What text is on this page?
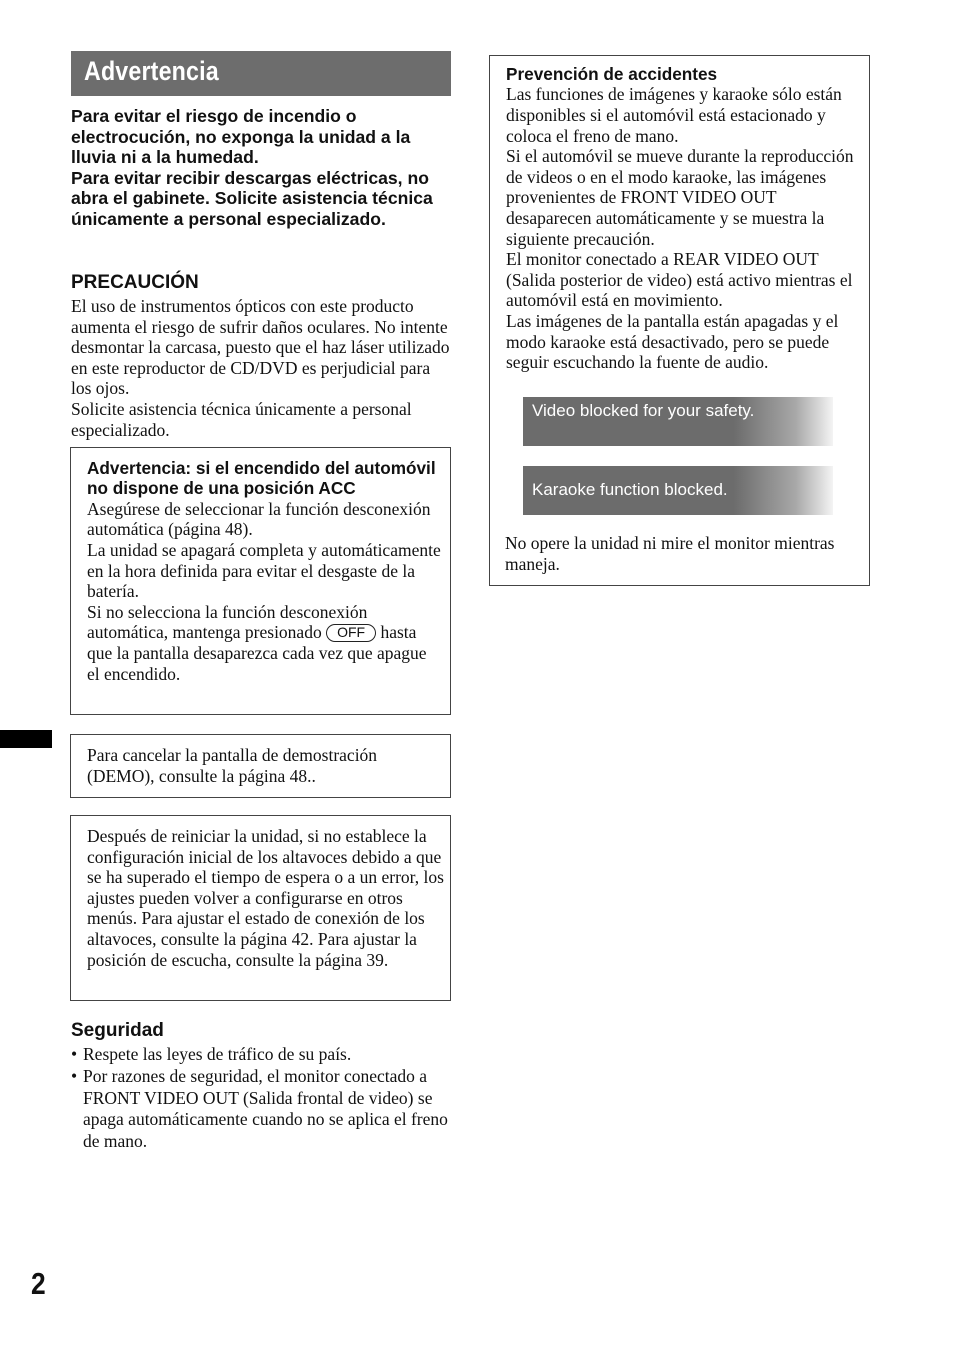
Advertencia

Para evitar el riesgo de incendio o electrocución, no exponga la unidad a la lluvia ni a la humedad.

Para evitar recibir descargas eléctricas, no abra el gabinete. Solicite asistencia técnica únicamente a personal especializado.

PRECAUCIÓN

El uso de instrumentos ópticos con este producto aumenta el riesgo de sufrir daños oculares. No intente desmontar la carcasa, puesto que el haz láser utilizado en este reproductor de CD/DVD es perjudicial para los ojos.

Solicite asistencia técnica únicamente a personal especializado.

Advertencia: si el encendido del automóvil no dispone de una posición ACC

Asegúrese de seleccionar la función desconexión automática (página 48).

La unidad se apagará completa y automáticamente en la hora definida para evitar el desgaste de la batería.

Si no selecciona la función desconexión automática, mantenga presionado OFF hasta que la pantalla desaparezca cada vez que apague el encendido.

Para cancelar la pantalla de demostración (DEMO), consulte la página 48..
Después de reiniciar la unidad, si no establece la configuración inicial de los altavoces debido a que se ha superado el tiempo de espera o a un error, los ajustes pueden volver a configurarse en otros menús. Para ajustar el estado de conexión de los altavoces, consulte la página 42. Para ajustar la posición de escucha, consulte la página 39.
Seguridad
• Respete las leyes de tráfico de su país.
• Por razones de seguridad, el monitor conectado a FRONT VIDEO OUT (Salida frontal de video) se apaga automáticamente cuando no se aplica el freno de mano.

Prevención de accidentes

Las funciones de imágenes y karaoke sólo están disponibles si el automóvil está estacionado y coloca el freno de mano.

Si el automóvil se mueve durante la reproducción de videos o en el modo karaoke, las imágenes provenientes de FRONT VIDEO OUT desaparecen automáticamente y se muestra la siguiente precaución.

El monitor conectado a REAR VIDEO OUT (Salida posterior de video) está activo mientras el automóvil está en movimiento.

Las imágenes de la pantalla están apagadas y el modo karaoke está desactivado, pero se puede seguir escuchando la fuente de audio.

Video blocked for your safety.
Karaoke function blocked.
No opere la unidad ni mire el monitor mientras maneja.
2
